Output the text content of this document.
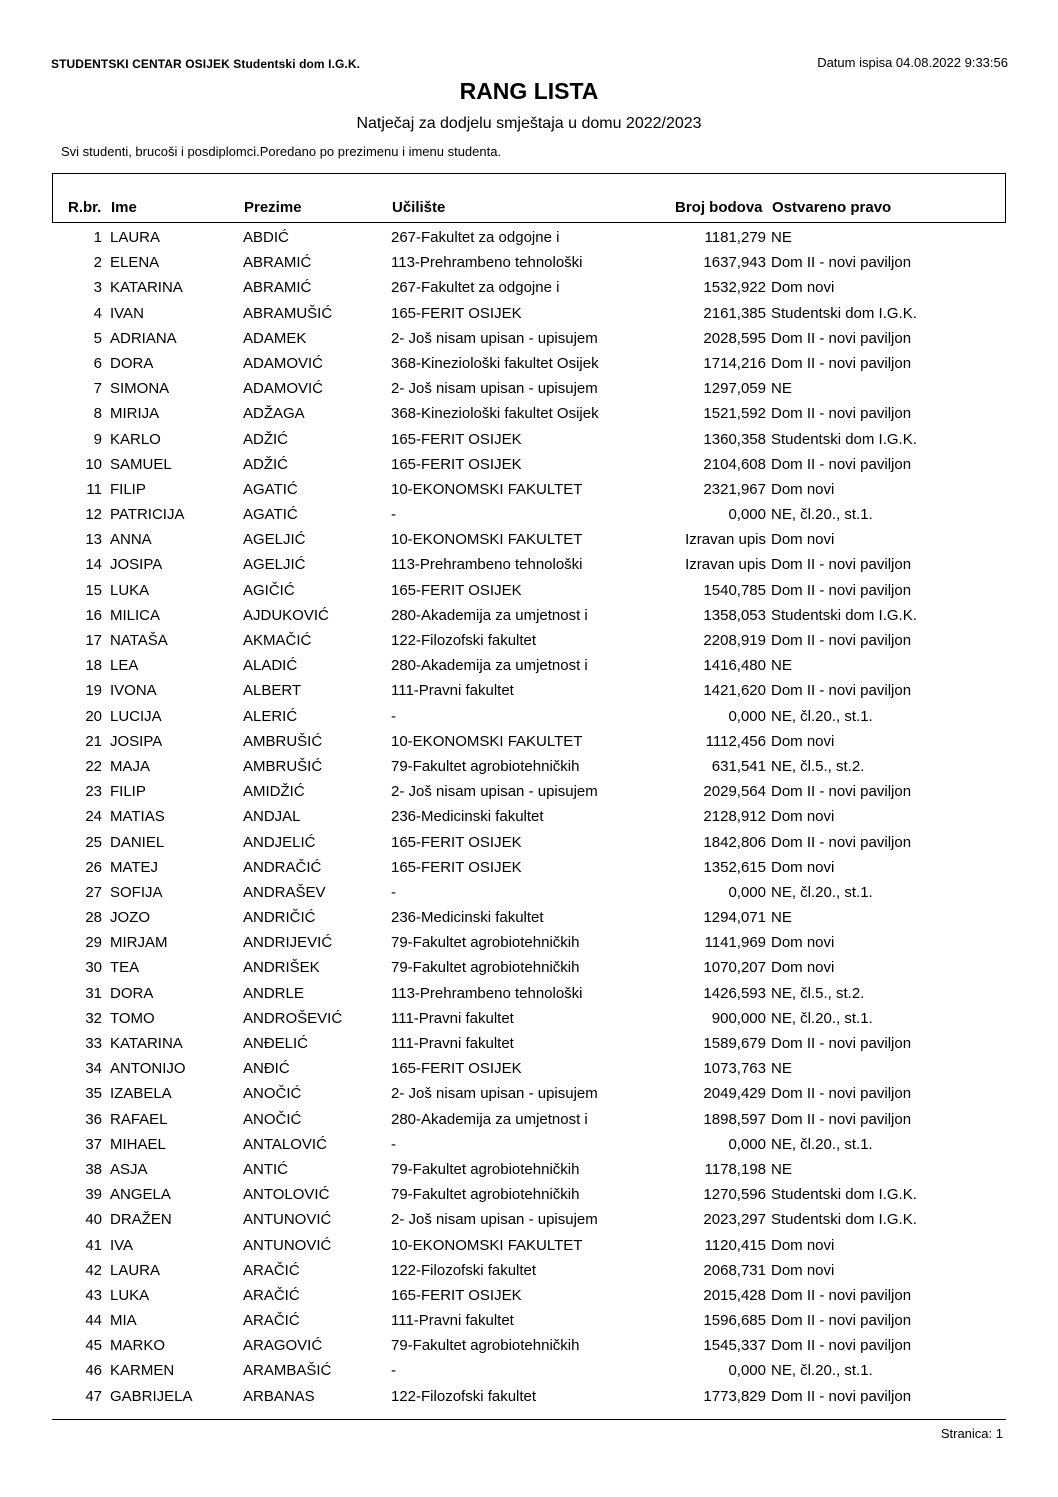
STUDENTSKI CENTAR OSIJEK Studentski dom I.G.K.	Datum ispisa 04.08.2022 9:33:56
RANG LISTA
Natječaj za dodjelu smještaja u domu 2022/2023
Svi studenti, brucoši i posdiplomci.Poredano po prezimenu i imenu studenta.
R.br. Ime	Prezime	Učilište	Broj bodova Ostvareno pravo
1 LAURA	ABDIĆ	267-Fakultet za odgojne i	1181,279 NE
2 ELENA	ABRAMIĆ	113-Prehrambeno tehnološki	1637,943 Dom II - novi paviljon
3 KATARINA	ABRAMIĆ	267-Fakultet za odgojne i	1532,922 Dom novi
4 IVAN	ABRAMUŠIĆ	165-FERIT OSIJEK	2161,385 Studentski dom I.G.K.
5 ADRIANA	ADAMEK	2- Još nisam upisan - upisujem	2028,595 Dom II - novi paviljon
6 DORA	ADAMOVIĆ	368-Kineziološki fakultet Osijek	1714,216 Dom II - novi paviljon
7 SIMONA	ADAMOVIĆ	2- Još nisam upisan - upisujem	1297,059 NE
8 MIRIJA	ADŽAGA	368-Kineziološki fakultet Osijek	1521,592 Dom II - novi paviljon
9 KARLO	ADŽIĆ	165-FERIT OSIJEK	1360,358 Studentski dom I.G.K.
10 SAMUEL	ADŽIĆ	165-FERIT OSIJEK	2104,608 Dom II - novi paviljon
11 FILIP	AGATIĆ	10-EKONOMSKI FAKULTET	2321,967 Dom novi
12 PATRICIJA	AGATIĆ	-	0,000 NE, čl.20., st.1.
13 ANNA	AGELJIĆ	10-EKONOMSKI FAKULTET	Izravan upis Dom novi
14 JOSIPA	AGELJIĆ	113-Prehrambeno tehnološki	Izravan upis Dom II - novi paviljon
15 LUKA	AGIČIĆ	165-FERIT OSIJEK	1540,785 Dom II - novi paviljon
16 MILICA	AJDUKOVIĆ	280-Akademija za umjetnost i	1358,053 Studentski dom I.G.K.
17 NATAŠA	AKMAČIĆ	122-Filozofski fakultet	2208,919 Dom II - novi paviljon
18 LEA	ALADIĆ	280-Akademija za umjetnost i	1416,480 NE
19 IVONA	ALBERT	111-Pravni fakultet	1421,620 Dom II - novi paviljon
20 LUCIJA	ALERIĆ	-	0,000 NE, čl.20., st.1.
21 JOSIPA	AMBRUŠIĆ	10-EKONOMSKI FAKULTET	1112,456 Dom novi
22 MAJA	AMBRUŠIĆ	79-Fakultet agrobiotehničkih	631,541 NE, čl.5., st.2.
23 FILIP	AMIDŽIĆ	2- Još nisam upisan - upisujem	2029,564 Dom II - novi paviljon
24 MATIAS	ANDJAL	236-Medicinski fakultet	2128,912 Dom novi
25 DANIEL	ANDJELIĆ	165-FERIT OSIJEK	1842,806 Dom II - novi paviljon
26 MATEJ	ANDRAČIĆ	165-FERIT OSIJEK	1352,615 Dom novi
27 SOFIJA	ANDRAŠEV	-	0,000 NE, čl.20., st.1.
28 JOZO	ANDRIČIĆ	236-Medicinski fakultet	1294,071 NE
29 MIRJAM	ANDRIJEVIĆ	79-Fakultet agrobiotehničkih	1141,969 Dom novi
30 TEA	ANDRIŠEK	79-Fakultet agrobiotehničkih	1070,207 Dom novi
31 DORA	ANDRLE	113-Prehrambeno tehnološki	1426,593 NE, čl.5., st.2.
32 TOMO	ANDROŠEVIĆ	111-Pravni fakultet	900,000 NE, čl.20., st.1.
33 KATARINA	ANĐELIĆ	111-Pravni fakultet	1589,679 Dom II - novi paviljon
34 ANTONIJO	ANĐIĆ	165-FERIT OSIJEK	1073,763 NE
35 IZABELA	ANOČIĆ	2- Još nisam upisan - upisujem	2049,429 Dom II - novi paviljon
36 RAFAEL	ANOČIĆ	280-Akademija za umjetnost i	1898,597 Dom II - novi paviljon
37 MIHAEL	ANTALOVIĆ	-	0,000 NE, čl.20., st.1.
38 ASJA	ANTIĆ	79-Fakultet agrobiotehničkih	1178,198 NE
39 ANGELA	ANTOLOVIĆ	79-Fakultet agrobiotehničkih	1270,596 Studentski dom I.G.K.
40 DRAŽEN	ANTUNOVIĆ	2- Još nisam upisan - upisujem	2023,297 Studentski dom I.G.K.
41 IVA	ANTUNOVIĆ	10-EKONOMSKI FAKULTET	1120,415 Dom novi
42 LAURA	ARAČIĆ	122-Filozofski fakultet	2068,731 Dom novi
43 LUKA	ARAČIĆ	165-FERIT OSIJEK	2015,428 Dom II - novi paviljon
44 MIA	ARAČIĆ	111-Pravni fakultet	1596,685 Dom II - novi paviljon
45 MARKO	ARAGOVIĆ	79-Fakultet agrobiotehničkih	1545,337 Dom II - novi paviljon
46 KARMEN	ARAMBAŠIĆ	-	0,000 NE, čl.20., st.1.
47 GABRIJELA	ARBANAS	122-Filozofski fakultet	1773,829 Dom II - novi paviljon
Stranica: 1
